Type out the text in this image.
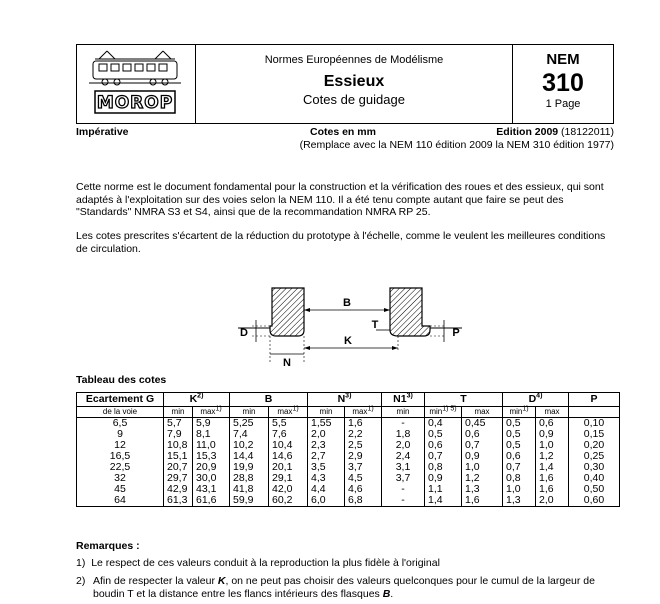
MOROP
Normes Européennes de Modélisme
Essieux
Cotes de guidage
NEM
310
1 Page
Impérative	Cotes en mm	Edition 2009 (18122011)
(Remplace avec la NEM 110 édition 2009 la NEM 310 édition 1977)

Cette norme est le document fondamental pour la construction et la vérification des roues et des essieux, qui sont adaptés à l'exploitation sur des voies selon la NEM 110. Il a été tenu compte autant que faire se peut des "Standards" NMRA S3 et S4, ainsi que de la recommandation NMRA RP 25.

Les cotes prescrites s'écartent de la réduction du prototype à l'échelle, comme le veulent les meilleures conditions de circulation.

B
K
N
D
T
P
Tableau des cotes
Ecartement G	$K^{2)}$		B		$N^{3)}$		N1$^{3)}$	T		$D^{4)}$		P
de la voie	min	$\max^{1)}$	min	$\max^{1)}$	min	$\max^{1)}$	min	$\min^{1) 5)}$	max	$\min^{1)}$	max	
6,5	5,7	5,9	5,25	5,5	1,55	1,6	-	0,4	0,45	0,5	0,6	0,10
9	7,9	8,1	7,4	7,6	2,0	2,2	1,8	0,5	0,6	0,5	0,9	0,15
12	10,8	11,0	10,2	10,4	2,3	2,5	2,0	0,6	0,7	0,5	1,0	0,20
16,5	15,1	15,3	14,4	14,6	2,7	2,9	2,4	0,7	0,9	0,6	1,2	0,25
22,5	20,7	20,9	19,9	20,1	3,5	3,7	3,1	0,8	1,0	0,7	1,4	0,30
32	29,7	30,0	28,8	29,1	4,3	4,5	3,7	0,9	1,2	0,8	1,6	0,40
45	42,9	43,1	41,8	42,0	4,4	4,6	-	1,1	1,3	1,0	1,6	0,50
64	61,3	61,6	59,9	60,2	6,0	6,8	-	1,4	1,6	1,3	2,0	0,60
Remarques :
1) Le respect de ces valeurs conduit à la reproduction la plus fidèle à l'original
2) Afin de respecter la valeur K, on ne peut pas choisir des valeurs quelconques pour le cumul de la largeur de boudin T et la distance entre les flancs intérieurs des flasques B.
